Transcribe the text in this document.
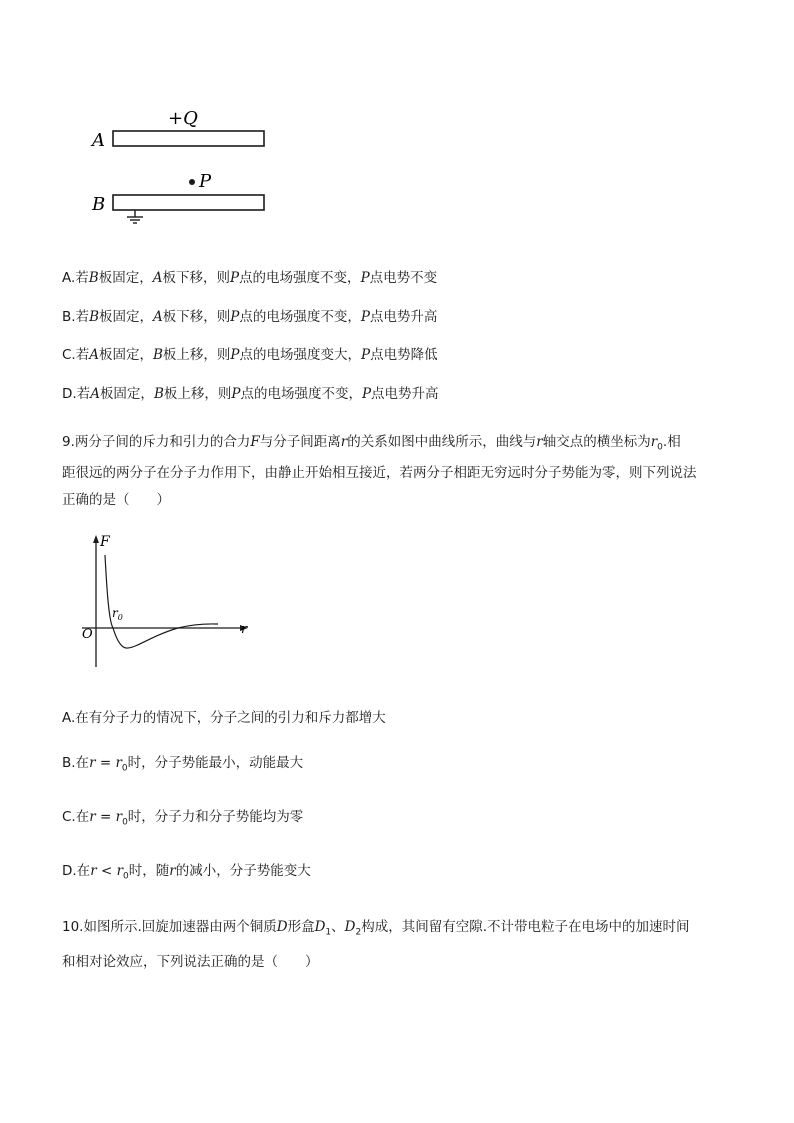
A
+Q
P
B
A.若B板固定，A板下移，则P点的电场强度不变，P点电势不变
B.若B板固定，A板下移，则P点的电场强度不变，P点电势升高
C.若A板固定，B板上移，则P点的电场强度变大，P点电势降低
D.若A板固定，B板上移，则P点的电场强度不变，P点电势升高
9.两分子间的斥力和引力的合力F与分子间距离r的关系如图中曲线所示，曲线与r轴交点的横坐标为$r_0$.相
距很远的两分子在分子力作用下，由静止开始相互接近，若两分子相距无穷远时分子势能为零，则下列说法
正确的是（　　）
F
r
O
$r_0$
A.在有分子力的情况下，分子之间的引力和斥力都增大
B.在$r = r_0$时，分子势能最小，动能最大
C.在$r = r_0$时，分子力和分子势能均为零
D.在$r < r_0$时，随r的减小，分子势能变大
10.如图所示.回旋加速器由两个铜质D形盒$D_1$、$D_2$构成，其间留有空隙.不计带电粒子在电场中的加速时间
和相对论效应，下列说法正确的是（　　）
